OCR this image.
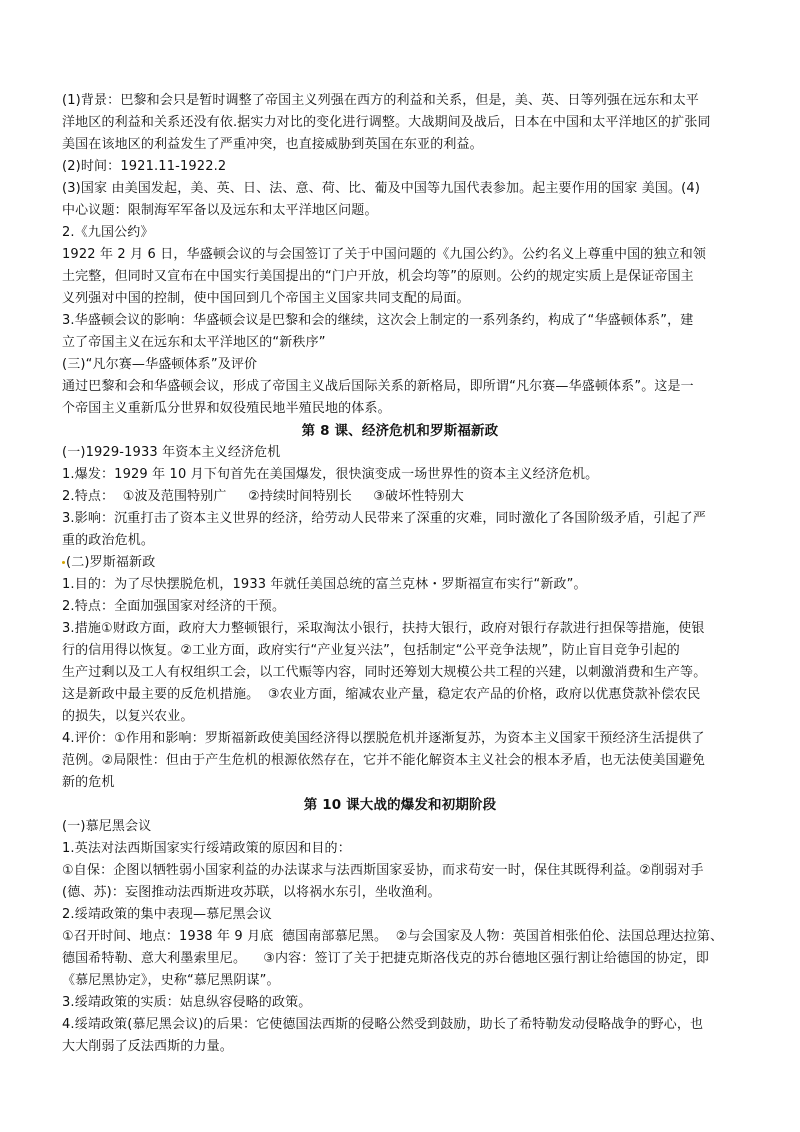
(1)背景：巴黎和会只是暂时调整了帝国主义列强在西方的利益和关系，但是，美、英、日等列强在远东和太平
洋地区的利益和关系还没有依.据实力对比的变化进行调整。大战期间及战后，日本在中国和太平洋地区的扩张同
美国在该地区的利益发生了严重冲突，也直接威胁到英国在东亚的利益。
(2)时间：1921.11-1922.2
(3)国家 由美国发起，美、英、日、法、意、荷、比、葡及中国等九国代表参加。起主要作用的国家 美国。(4)
中心议题：限制海军军备以及远东和太平洋地区问题。
2.《九国公约》
1922 年 2 月 6 日，华盛顿会议的与会国签订了关于中国问题的《九国公约》。公约名义上尊重中国的独立和领
土完整，但同时又宣布在中国实行美国提出的“门户开放，机会均等”的原则。公约的规定实质上是保证帝国主
义列强对中国的控制，使中国回到几个帝国主义国家共同支配的局面。
3.华盛顿会议的影响：华盛顿会议是巴黎和会的继续，这次会上制定的一系列条约，构成了“华盛顿体系”，建
立了帝国主义在远东和太平洋地区的“新秩序”
(三)“凡尔赛—华盛顿体系”及评价
通过巴黎和会和华盛顿会议，形成了帝国主义战后国际关系的新格局，即所谓“凡尔赛—华盛顿体系”。这是一
个帝国主义重新瓜分世界和奴役殖民地半殖民地的体系。
第 8 课、经济危机和罗斯福新政
(一)1929-1933 年资本主义经济危机
1.爆发：1929 年 10 月下旬首先在美国爆发，很快演变成一场世界性的资本主义经济危机。
2.特点：  ①波及范围特别广     ②持续时间特别长     ③破坏性特别大
3.影响：沉重打击了资本主义世界的经济，给劳动人民带来了深重的灾难，同时激化了各国阶级矛盾，引起了严
重的政治危机。
(二)罗斯福新政
1.目的：为了尽快摆脱危机，1933 年就任美国总统的富兰克林・罗斯福宣布实行“新政”。
2.特点：全面加强国家对经济的干预。
3.措施①财政方面，政府大力整顿银行，采取淘汰小银行，扶持大银行，政府对银行存款进行担保等措施，使银
行的信用得以恢复。②工业方面，政府实行“产业复兴法”，包括制定“公平竞争法规”，防止盲目竞争引起的
生产过剩以及工人有权组织工会，以工代赈等内容，同时还筹划大规模公共工程的兴建，以刺激消费和生产等。
这是新政中最主要的反危机措施。  ③农业方面，缩减农业产量，稳定农产品的价格，政府以优惠贷款补偿农民
的损失，以复兴农业。
4.评价：①作用和影响：罗斯福新政使美国经济得以摆脱危机并逐渐复苏，为资本主义国家干预经济生活提供了
范例。②局限性：但由于产生危机的根源依然存在，它并不能化解资本主义社会的根本矛盾，也无法使美国避免
新的危机
第 10 课大战的爆发和初期阶段
(一)慕尼黑会议
1.英法对法西斯国家实行绥靖政策的原因和目的：
①自保：企图以牺牲弱小国家利益的办法谋求与法西斯国家妥协，而求苟安一时，保住其既得利益。②削弱对手
(德、苏)：妄图推动法西斯进攻苏联，以将祸水东引，坐收渔利。
2.绥靖政策的集中表现—慕尼黑会议
①召开时间、地点：1938 年 9 月底  德国南部慕尼黑。  ②与会国家及人物：英国首相张伯伦、法国总理达拉第、
德国希特勒、意大利墨索里尼。    ③内容：签订了关于把捷克斯洛伐克的苏台德地区强行割让给德国的协定，即
《慕尼黑协定》，史称“慕尼黑阴谋”。
3.绥靖政策的实质：姑息纵容侵略的政策。
4.绥靖政策(慕尼黑会议)的后果：它使德国法西斯的侵略公然受到鼓励，助长了希特勒发动侵略战争的野心，也
大大削弱了反法西斯的力量。
